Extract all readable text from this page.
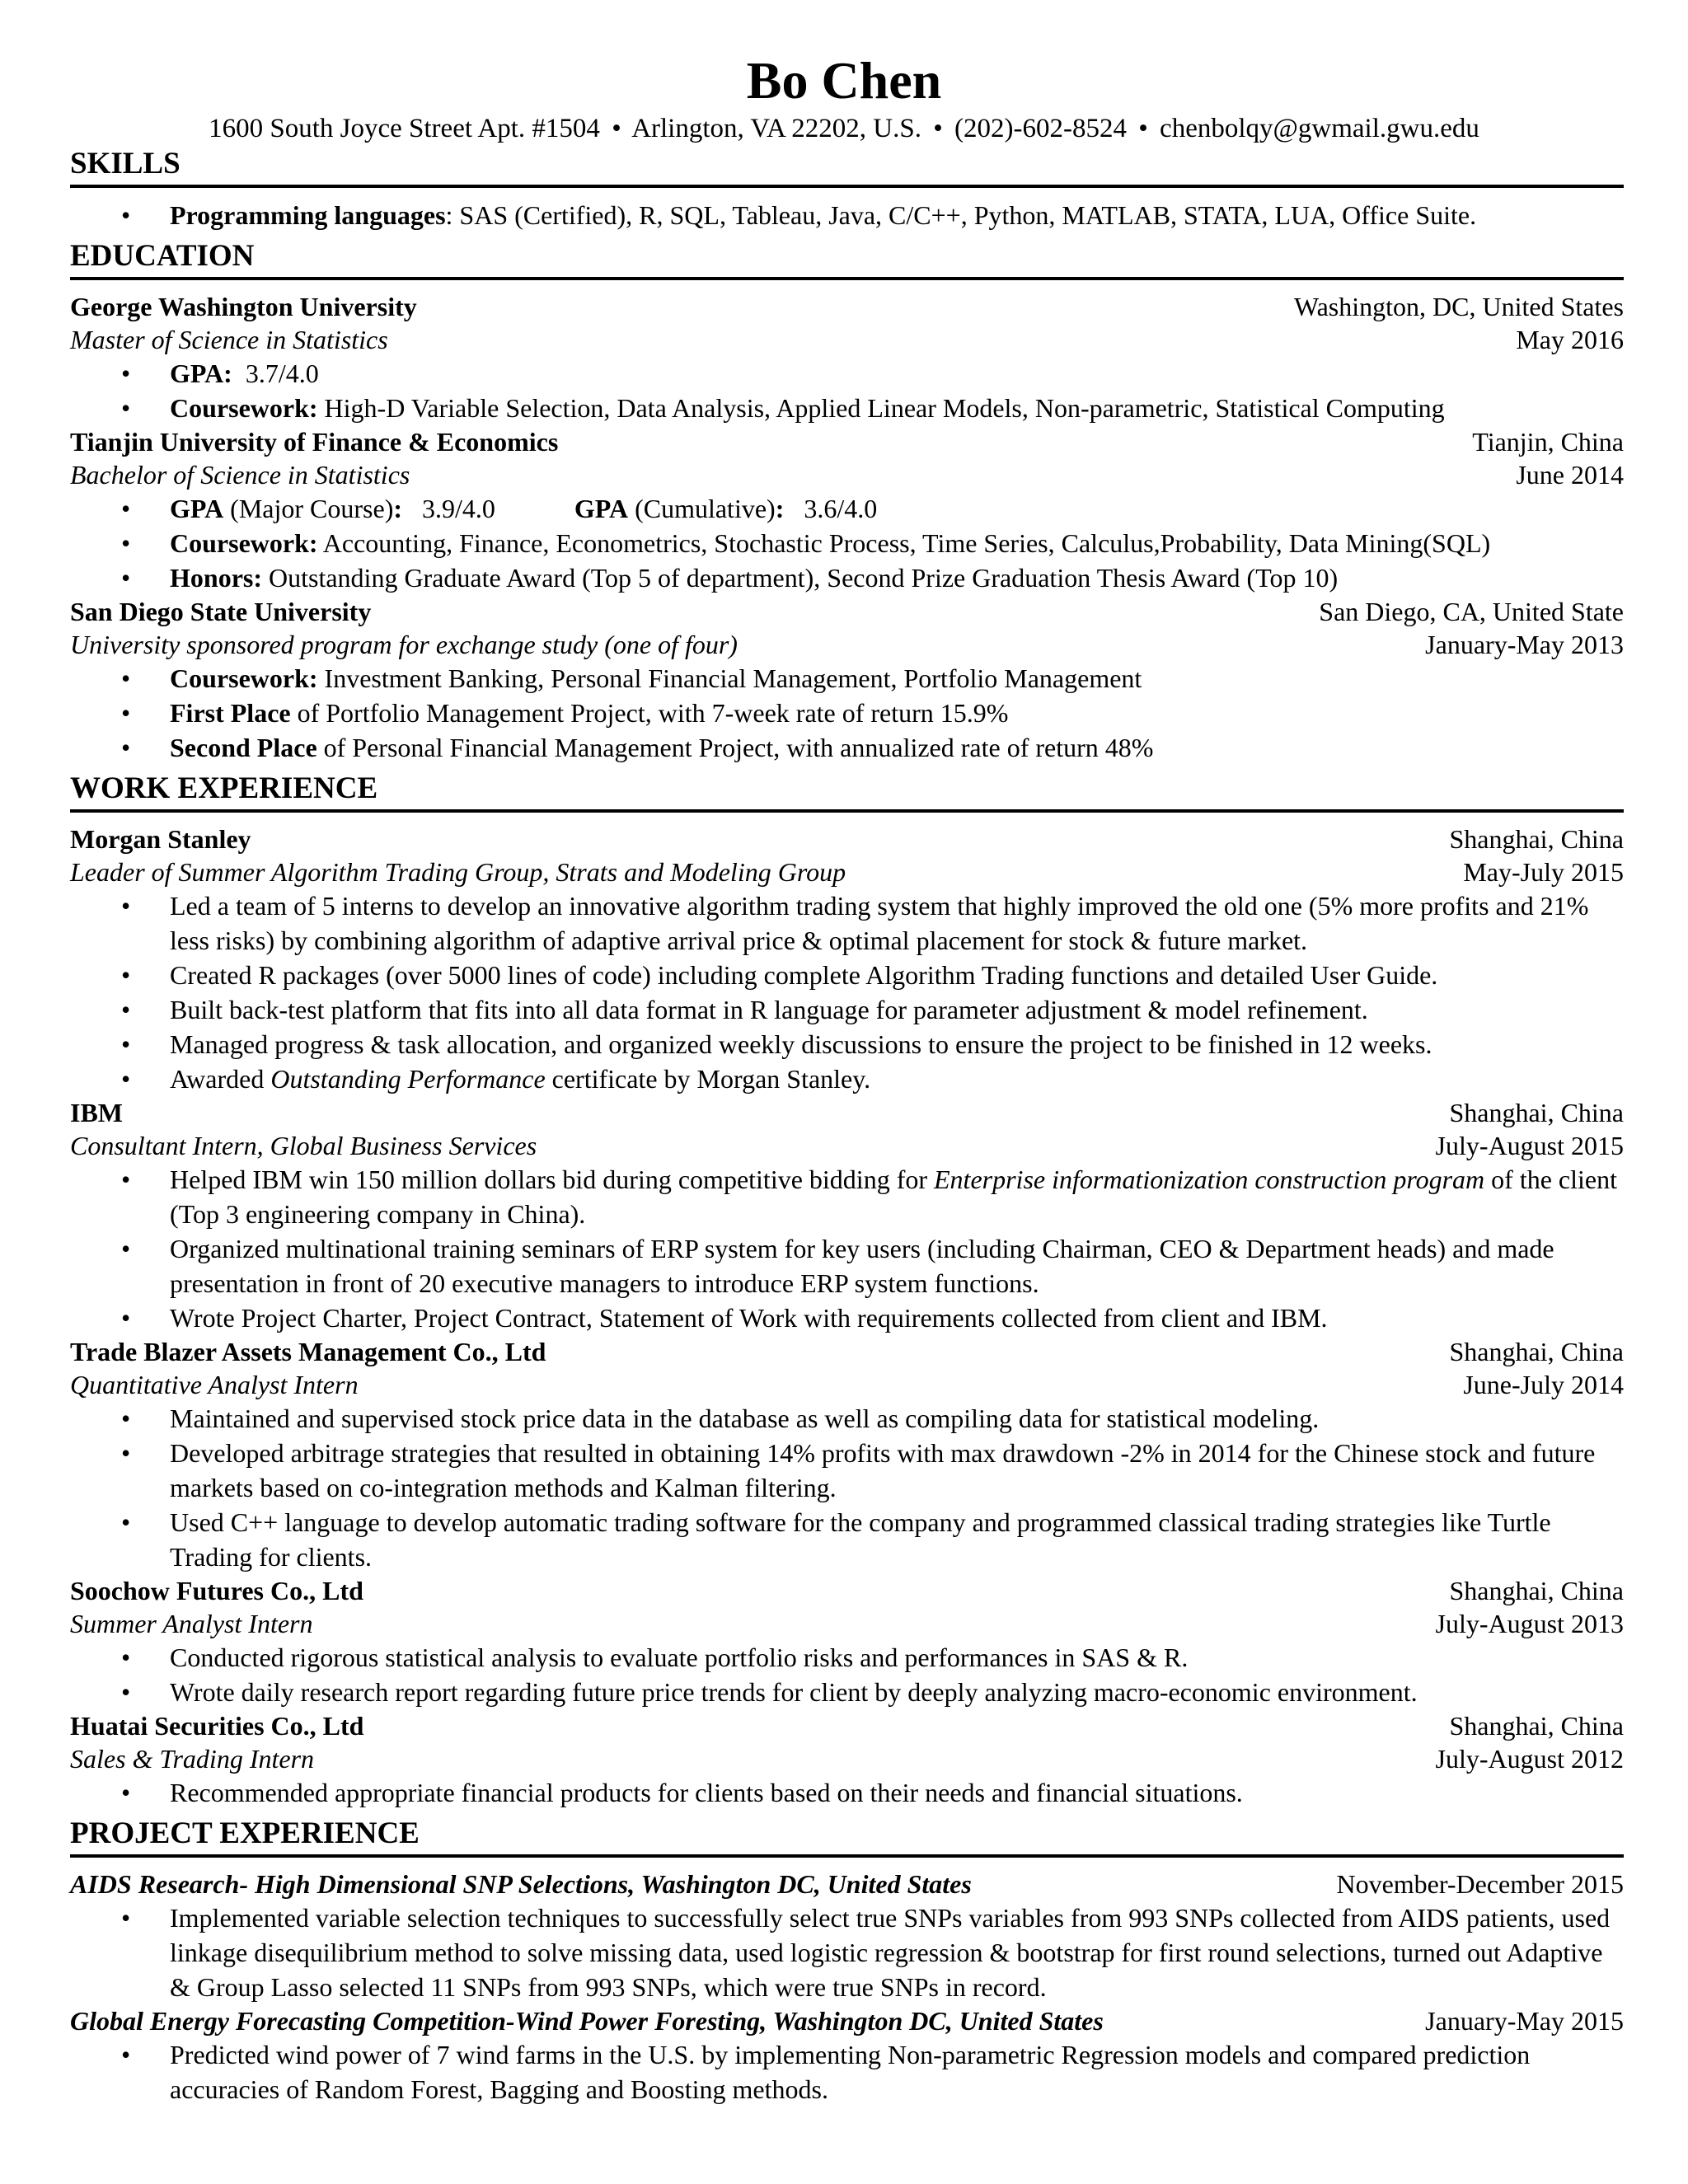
Bo Chen
1600 South Joyce Street Apt. #1504 • Arlington, VA 22202, U.S. • (202)-602-8524 • chenbolqy@gwmail.gwu.edu
SKILLS
• Programming languages: SAS (Certified), R, SQL, Tableau, Java, C/C++, Python, MATLAB, STATA, LUA, Office Suite.
EDUCATION
George Washington University	Washington, DC, United States
Master of Science in Statistics	May 2016
• GPA: 3.7/4.0
• Coursework: High-D Variable Selection, Data Analysis, Applied Linear Models, Non-parametric, Statistical Computing
Tianjin University of Finance & Economics	Tianjin, China
Bachelor of Science in Statistics	June 2014
• GPA (Major Course): 3.9/4.0	GPA (Cumulative): 3.6/4.0
• Coursework: Accounting, Finance, Econometrics, Stochastic Process, Time Series, Calculus,Probability, Data Mining(SQL)
• Honors: Outstanding Graduate Award (Top 5 of department), Second Prize Graduation Thesis Award (Top 10)
San Diego State University	San Diego, CA, United State
University sponsored program for exchange study (one of four)	January-May 2013
• Coursework: Investment Banking, Personal Financial Management, Portfolio Management
• First Place of Portfolio Management Project, with 7-week rate of return 15.9%
• Second Place of Personal Financial Management Project, with annualized rate of return 48%
WORK EXPERIENCE
Morgan Stanley	Shanghai, China
Leader of Summer Algorithm Trading Group, Strats and Modeling Group	May-July 2015
• Led a team of 5 interns to develop an innovative algorithm trading system that highly improved the old one (5% more profits and 21% less risks) by combining algorithm of adaptive arrival price & optimal placement for stock & future market.
• Created R packages (over 5000 lines of code) including complete Algorithm Trading functions and detailed User Guide.
• Built back-test platform that fits into all data format in R language for parameter adjustment & model refinement.
• Managed progress & task allocation, and organized weekly discussions to ensure the project to be finished in 12 weeks.
• Awarded Outstanding Performance certificate by Morgan Stanley.
IBM	Shanghai, China
Consultant Intern, Global Business Services	July-August 2015
• Helped IBM win 150 million dollars bid during competitive bidding for Enterprise informationization construction program of the client (Top 3 engineering company in China).
• Organized multinational training seminars of ERP system for key users (including Chairman, CEO & Department heads) and made presentation in front of 20 executive managers to introduce ERP system functions.
• Wrote Project Charter, Project Contract, Statement of Work with requirements collected from client and IBM.
Trade Blazer Assets Management Co., Ltd	Shanghai, China
Quantitative Analyst Intern	June-July 2014
• Maintained and supervised stock price data in the database as well as compiling data for statistical modeling.
• Developed arbitrage strategies that resulted in obtaining 14% profits with max drawdown -2% in 2014 for the Chinese stock and future markets based on co-integration methods and Kalman filtering.
• Used C++ language to develop automatic trading software for the company and programmed classical trading strategies like Turtle Trading for clients.
Soochow Futures Co., Ltd	Shanghai, China
Summer Analyst Intern	July-August 2013
• Conducted rigorous statistical analysis to evaluate portfolio risks and performances in SAS & R.
• Wrote daily research report regarding future price trends for client by deeply analyzing macro-economic environment.
Huatai Securities Co., Ltd	Shanghai, China
Sales & Trading Intern	July-August 2012
• Recommended appropriate financial products for clients based on their needs and financial situations.
PROJECT EXPERIENCE
AIDS Research- High Dimensional SNP Selections, Washington DC, United States	November-December 2015
• Implemented variable selection techniques to successfully select true SNPs variables from 993 SNPs collected from AIDS patients, used linkage disequilibrium method to solve missing data, used logistic regression & bootstrap for first round selections, turned out Adaptive & Group Lasso selected 11 SNPs from 993 SNPs, which were true SNPs in record.
Global Energy Forecasting Competition-Wind Power Foresting, Washington DC, United States	January-May 2015
• Predicted wind power of 7 wind farms in the U.S. by implementing Non-parametric Regression models and compared prediction accuracies of Random Forest, Bagging and Boosting methods.
